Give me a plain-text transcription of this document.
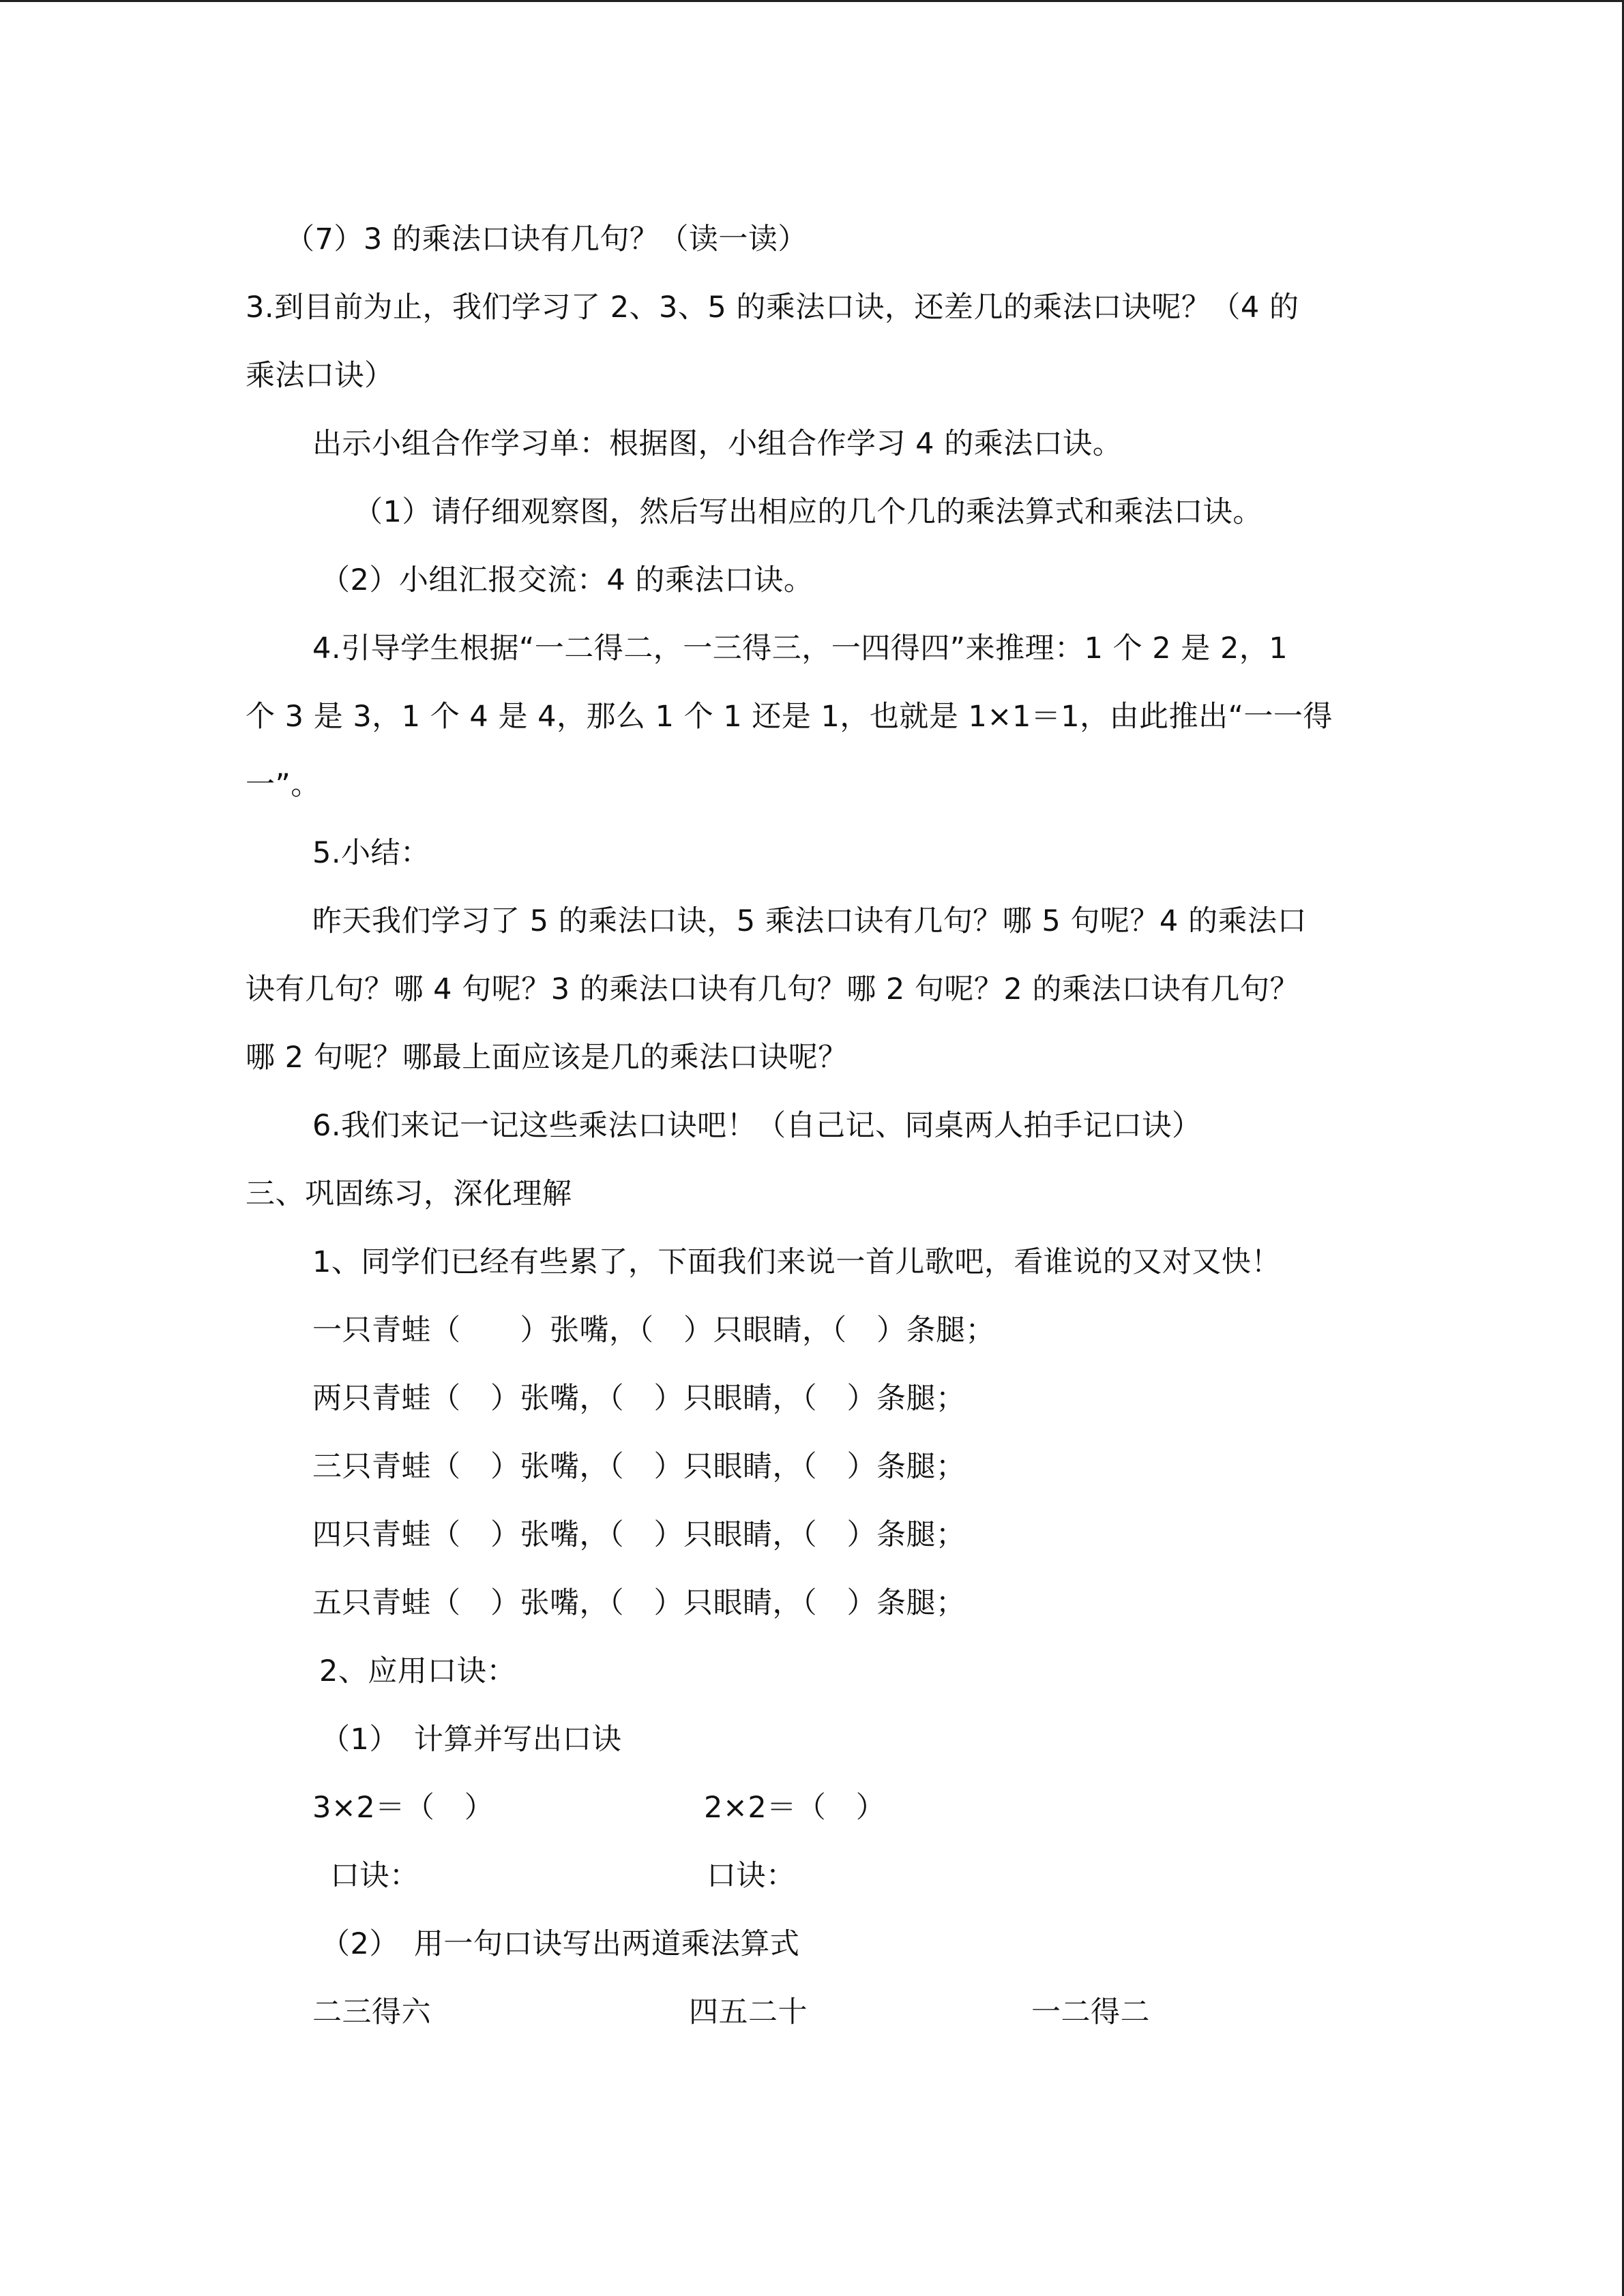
（7）3 的乘法口诀有几句？（读一读）
3.到目前为止，我们学习了 2、3、5 的乘法口诀，还差几的乘法口诀呢？（4 的
乘法口诀）
出示小组合作学习单：根据图，小组合作学习 4 的乘法口诀。
（1）请仔细观察图，然后写出相应的几个几的乘法算式和乘法口诀。
（2）小组汇报交流：4 的乘法口诀。
4.引导学生根据“一二得二，一三得三，一四得四”来推理：1 个 2 是 2，1
个 3 是 3，1 个 4 是 4，那么 1 个 1 还是 1，也就是 1×1＝1，由此推出“一一得
一”。
5.小结：
昨天我们学习了 5 的乘法口诀，5 乘法口诀有几句？哪 5 句呢？4 的乘法口
诀有几句？哪 4 句呢？3 的乘法口诀有几句？哪 2 句呢？2 的乘法口诀有几句？
哪 2 句呢？哪最上面应该是几的乘法口诀呢？
6.我们来记一记这些乘法口诀吧！（自己记、同桌两人拍手记口诀）
三、巩固练习，深化理解
1、同学们已经有些累了，下面我们来说一首儿歌吧，看谁说的又对又快！
一只青蛙（　　）张嘴，（　）只眼睛，（　）条腿；
两只青蛙（　）张嘴，（　）只眼睛，（　）条腿；
三只青蛙（　）张嘴，（　）只眼睛，（　）条腿；
四只青蛙（　）张嘴，（　）只眼睛，（　）条腿；
五只青蛙（　）张嘴，（　）只眼睛，（　）条腿；
2、应用口诀：
（1）　计算并写出口诀
3×2＝（　）	2×2＝（　）
口诀：	口诀：
（2）　用一句口诀写出两道乘法算式
二三得六	四五二十	一二得二
